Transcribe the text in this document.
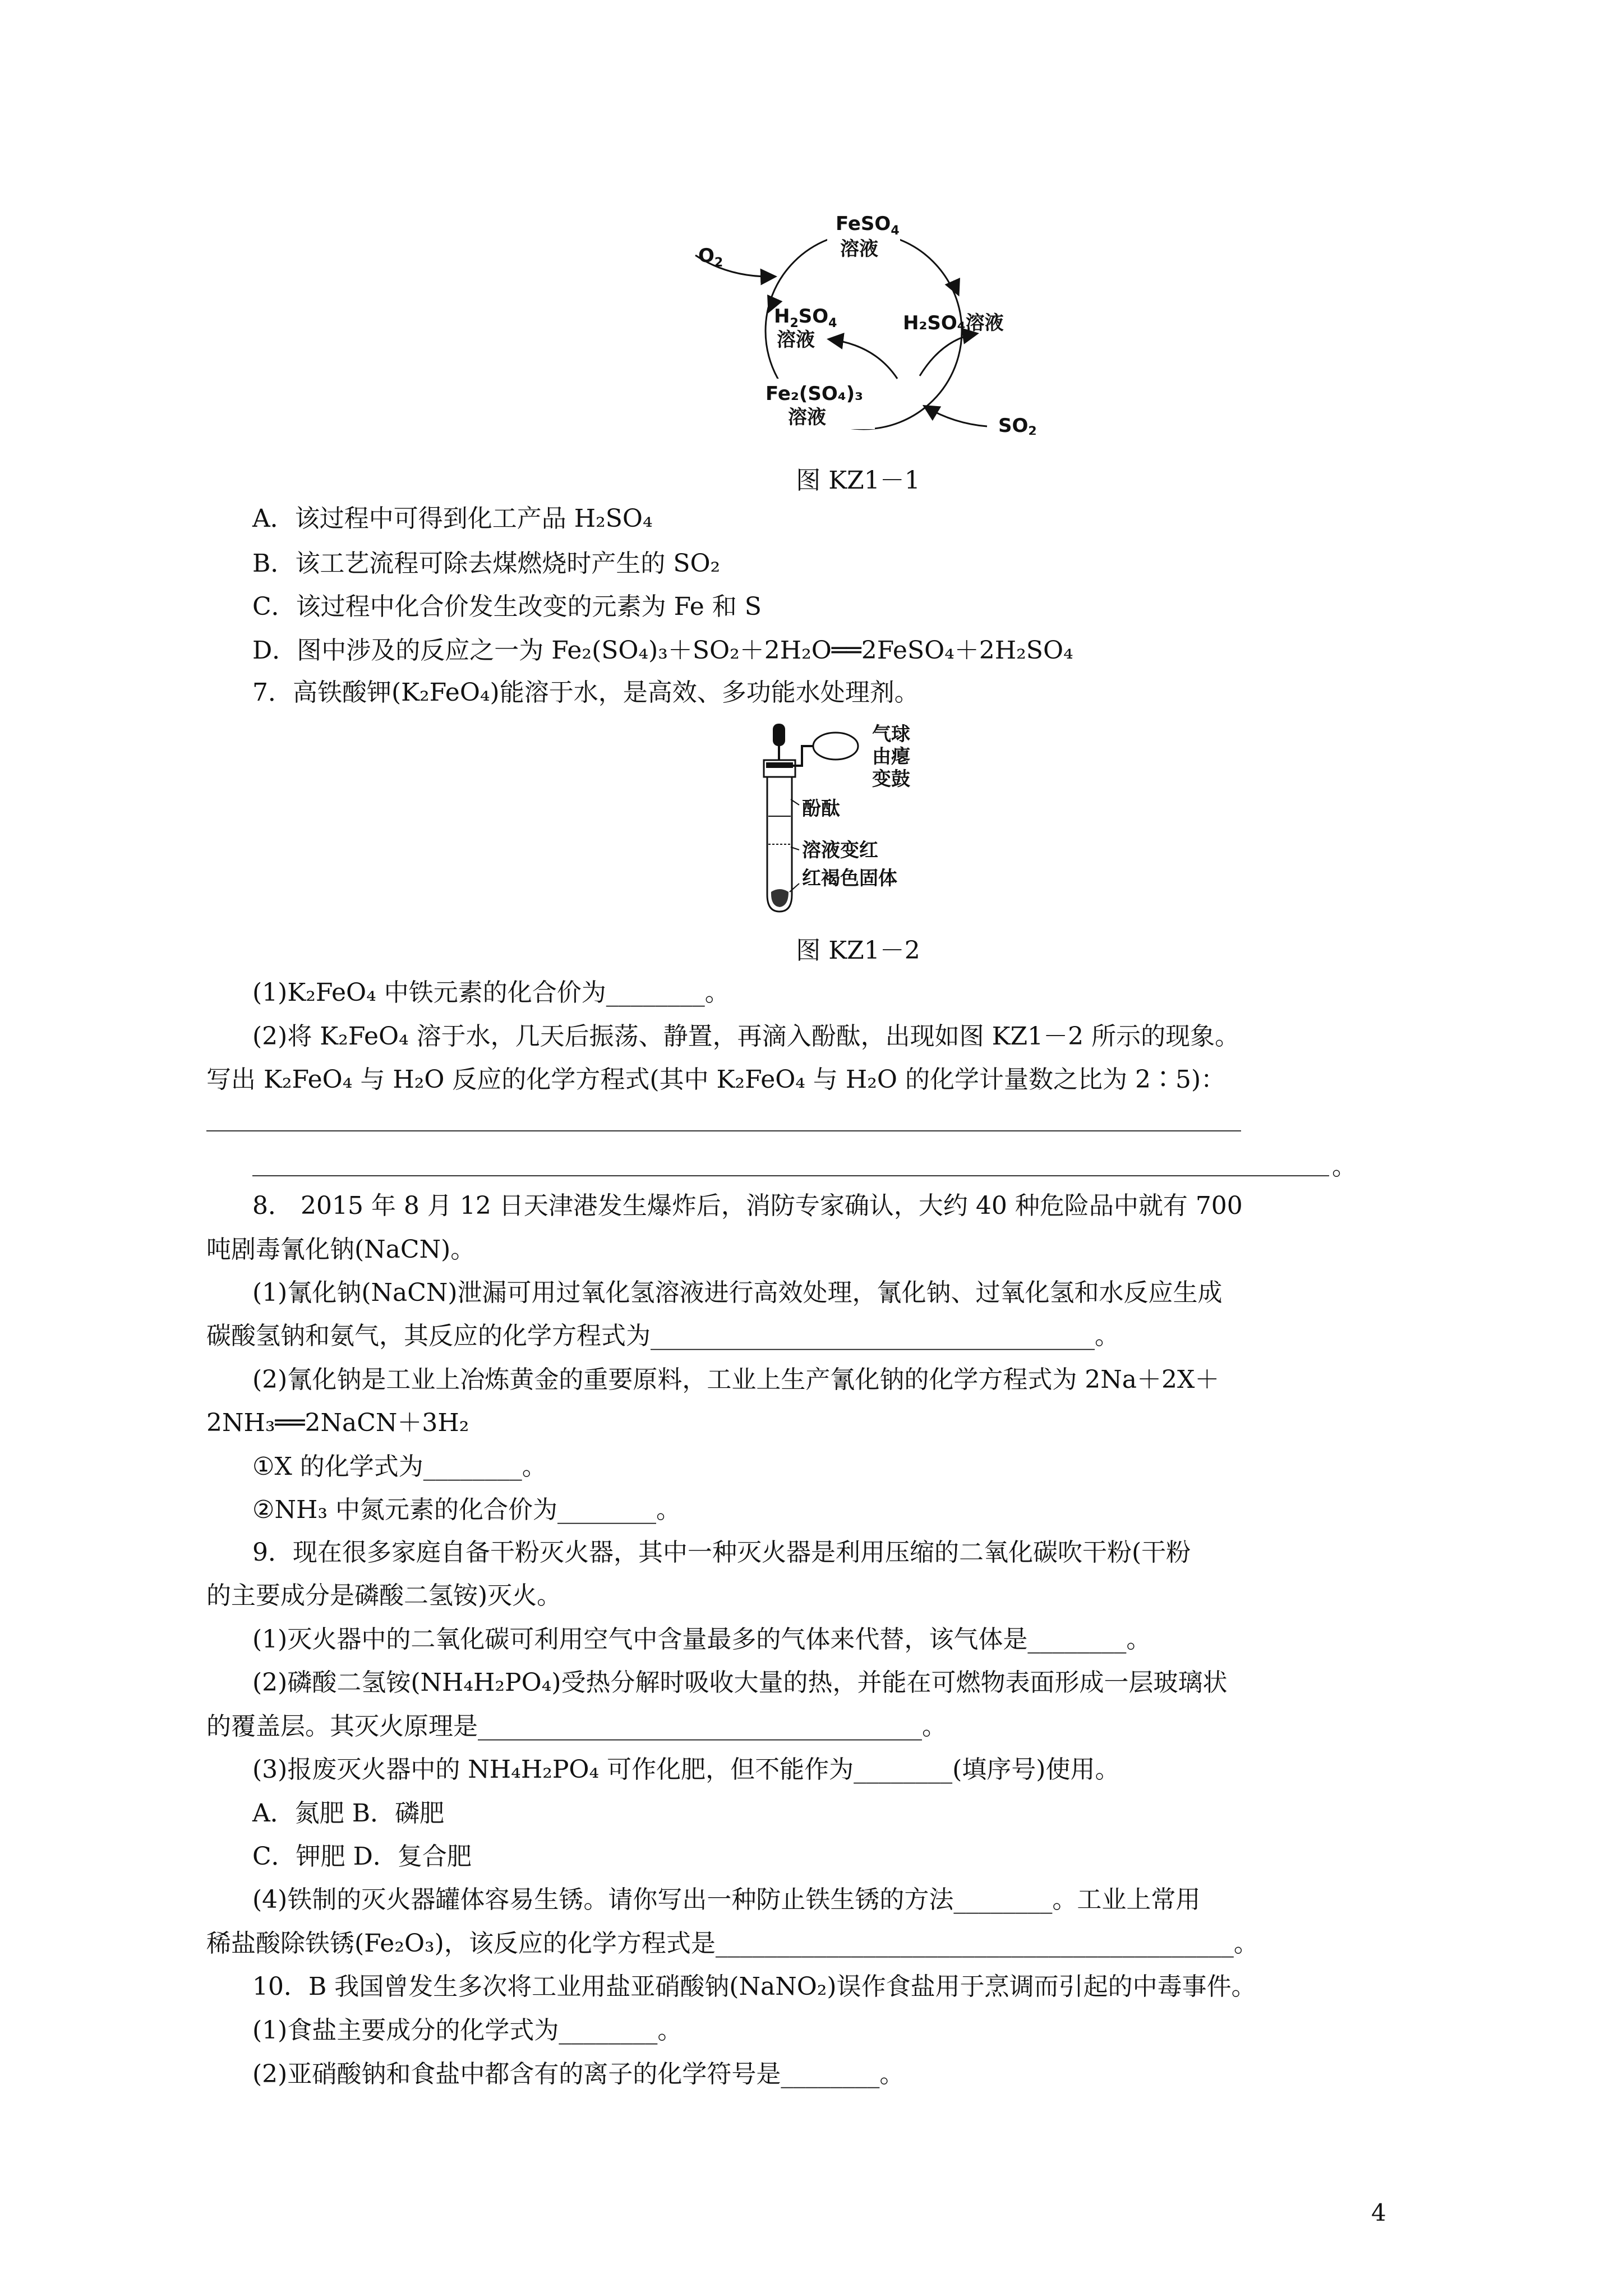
FeSO$_4$
溶液
$O_2$
$H_2SO_4$
溶液
H₂SO₄溶液
Fe₂(SO₄)₃
溶液	SO2
图 KZ1－1
A．该过程中可得到化工产品 H₂SO₄
B．该工艺流程可除去煤燃烧时产生的 SO₂
C．该过程中化合价发生改变的元素为 Fe 和 S
D．图中涉及的反应之一为 Fe₂(SO₄)₃＋SO₂＋2H₂O══2FeSO₄＋2H₂SO₄
7．高铁酸钾(K₂FeO₄)能溶于水，是高效、多功能水处理剂。
气球
由瘪
变鼓
酚酞
溶液变红
红褐色固体
图 KZ1－2
(1)K₂FeO₄ 中铁元素的化合价为________。
(2)将 K₂FeO₄ 溶于水，几天后振荡、静置，再滴入酚酞，出现如图 KZ1－2 所示的现象。
写出 K₂FeO₄ 与 H₂O 反应的化学方程式(其中 K₂FeO₄ 与 H₂O 的化学计量数之比为 2∶5)：
。
8． 2015 年 8 月 12 日天津港发生爆炸后，消防专家确认，大约 40 种危险品中就有 700
吨剧毒氰化钠(NaCN)。
(1)氰化钠(NaCN)泄漏可用过氧化氢溶液进行高效处理，氰化钠、过氧化氢和水反应生成
碳酸氢钠和氨气，其反应的化学方程式为____________________________________。
(2)氰化钠是工业上冶炼黄金的重要原料，工业上生产氰化钠的化学方程式为 2Na＋2X＋
2NH₃══2NaCN＋3H₂
①X 的化学式为________。
②NH₃ 中氮元素的化合价为________。
9．现在很多家庭自备干粉灭火器，其中一种灭火器是利用压缩的二氧化碳吹干粉(干粉
的主要成分是磷酸二氢铵)灭火。
(1)灭火器中的二氧化碳可利用空气中含量最多的气体来代替，该气体是________。
(2)磷酸二氢铵(NH₄H₂PO₄)受热分解时吸收大量的热，并能在可燃物表面形成一层玻璃状
的覆盖层。其灭火原理是____________________________________。
(3)报废灭火器中的 NH₄H₂PO₄ 可作化肥，但不能作为________(填序号)使用。
A．氮肥 B．磷肥
C．钾肥 D．复合肥
(4)铁制的灭火器罐体容易生锈。请你写出一种防止铁生锈的方法________。工业上常用
稀盐酸除铁锈(Fe₂O₃)，该反应的化学方程式是__________________________________________。
10．B 我国曾发生多次将工业用盐亚硝酸钠(NaNO₂)误作食盐用于烹调而引起的中毒事件。
(1)食盐主要成分的化学式为________。
(2)亚硝酸钠和食盐中都含有的离子的化学符号是________。
4
